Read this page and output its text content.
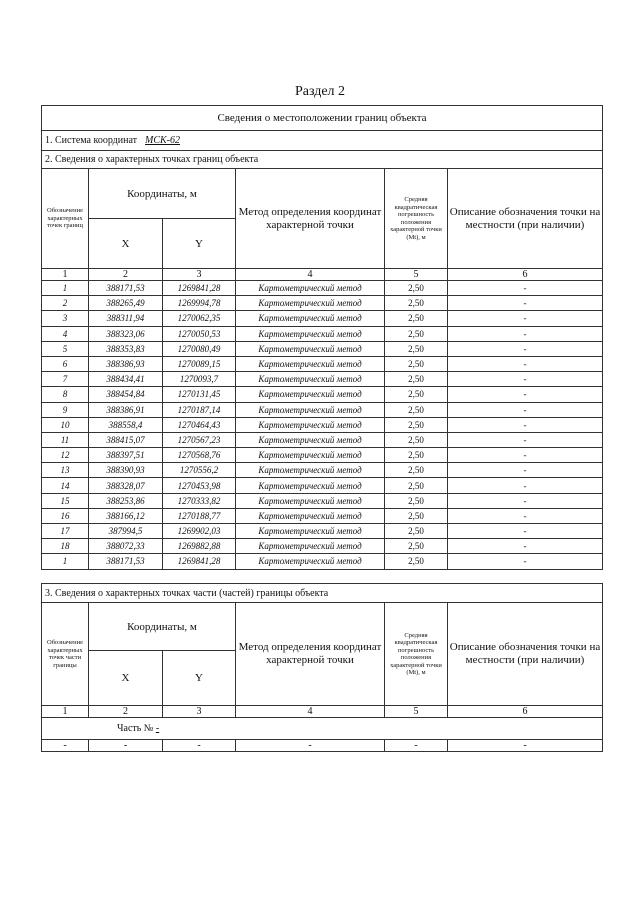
Раздел 2
Сведения о местоположении границ объекта					
1. Система координат МСК-62					
2. Сведения о характерных точках границ объекта					
Обозначение характерных точек границ	Координаты, м		Метод определения координат характерной точки	Средняя квадратическая погрешность положения характерной точки (Mt), м	Описание обозначения точки на местности (при наличии)
	X	Y			
1	2	3	4	5	6
1	388171,53	1269841,28	Картометрический метод	2,50	-
2	388265,49	1269994,78	Картометрический метод	2,50	-
3	388311,94	1270062,35	Картометрический метод	2,50	-
4	388323,06	1270050,53	Картометрический метод	2,50	-
5	388353,83	1270080,49	Картометрический метод	2,50	-
6	388386,93	1270089,15	Картометрический метод	2,50	-
7	388434,41	1270093,7	Картометрический метод	2,50	-
8	388454,84	1270131,45	Картометрический метод	2,50	-
9	388386,91	1270187,14	Картометрический метод	2,50	-
10	388558,4	1270464,43	Картометрический метод	2,50	-
11	388415,07	1270567,23	Картометрический метод	2,50	-
12	388397,51	1270568,76	Картометрический метод	2,50	-
13	388390,93	1270556,2	Картометрический метод	2,50	-
14	388328,07	1270453,98	Картометрический метод	2,50	-
15	388253,86	1270333,82	Картометрический метод	2,50	-
16	388166,12	1270188,77	Картометрический метод	2,50	-
17	387994,5	1269902,03	Картометрический метод	2,50	-
18	388072,33	1269882,88	Картометрический метод	2,50	-
1	388171,53	1269841,28	Картометрический метод	2,50	-
3. Сведения о характерных точках части (частей) границы объекта					
Обозначение характерных точек части границы	Координаты, м		Метод определения координат характерной точки	Средняя квадратическая погрешность положения характерной точки (Mt), м	Описание обозначения точки на местности (при наличии)
	X	Y			
1	2	3	4	5	6
Часть № -					
-	-	-	-	-	-
